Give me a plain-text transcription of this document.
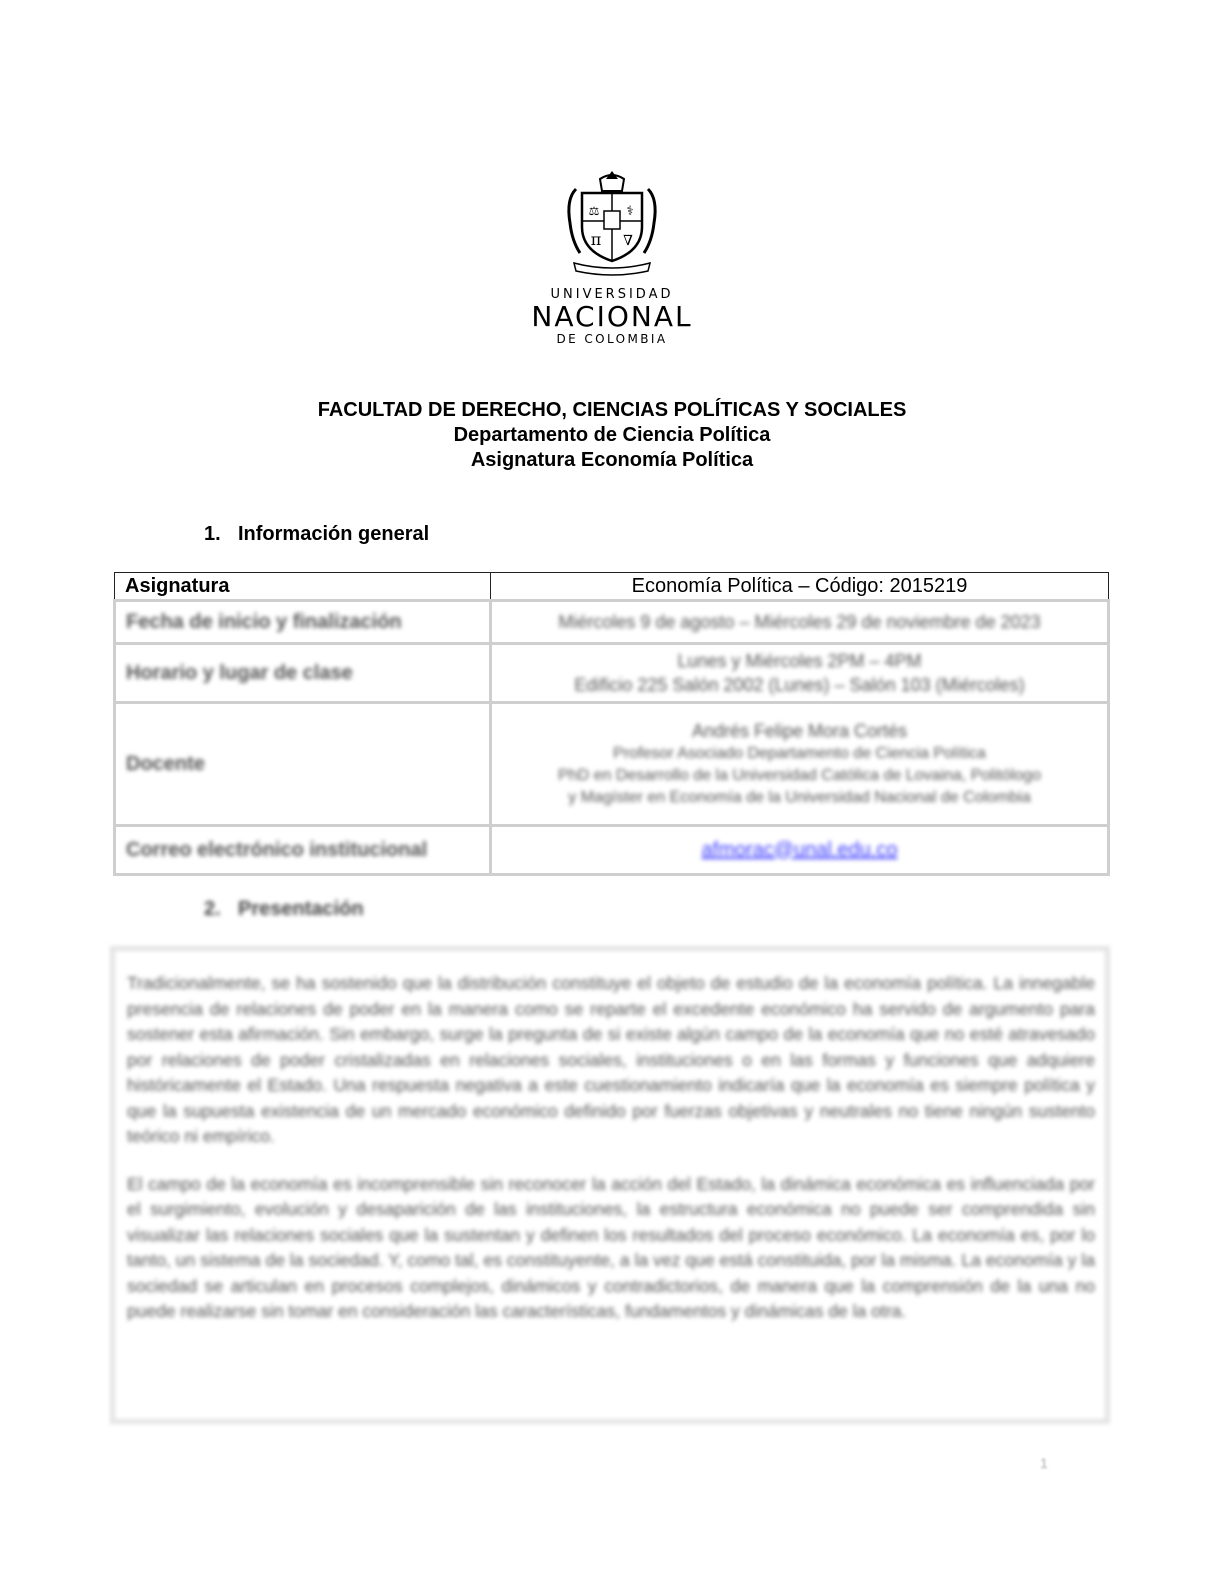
⚖ ⚕
π ∇
UNIVERSIDAD
NACIONAL
DE COLOMBIA
FACULTAD DE DERECHO, CIENCIAS POLÍTICAS Y SOCIALES
Departamento de Ciencia Política
Asignatura Economía Política
1. Información general
Asignatura	Economía Política – Código: 2015219
Fecha de inicio y finalización	Miércoles 9 de agosto – Miércoles 29 de noviembre de 2023
Horario y lugar de clase	Lunes y Miércoles 2PM – 4PM
Edificio 225 Salón 2002 (Lunes) – Salón 103 (Miércoles)

Docente	Andrés Felipe Mora Cortés
Profesor Asociado Departamento de Ciencia Política
PhD en Desarrollo de la Universidad Católica de Lovaina, Politólogo
y Magíster en Economía de la Universidad Nacional de Colombia

Correo electrónico institucional	afmorac@unal.edu.co
2. Presentación

Tradicionalmente, se ha sostenido que la distribución constituye el objeto de estudio de la economía política. La innegable presencia de relaciones de poder en la manera como se reparte el excedente económico ha servido de argumento para sostener esta afirmación. Sin embargo, surge la pregunta de si existe algún campo de la economía que no esté atravesado por relaciones de poder cristalizadas en relaciones sociales, instituciones o en las formas y funciones que adquiere históricamente el Estado. Una respuesta negativa a este cuestionamiento indicaría que la economía es siempre política y que la supuesta existencia de un mercado económico definido por fuerzas objetivas y neutrales no tiene ningún sustento teórico ni empírico.

El campo de la economía es incomprensible sin reconocer la acción del Estado, la dinámica económica es influenciada por el surgimiento, evolución y desaparición de las instituciones, la estructura económica no puede ser comprendida sin visualizar las relaciones sociales que la sustentan y definen los resultados del proceso económico. La economía es, por lo tanto, un sistema de la sociedad. Y, como tal, es constituyente, a la vez que está constituida, por la misma. La economía y la sociedad se articulan en procesos complejos, dinámicos y contradictorios, de manera que la comprensión de la una no puede realizarse sin tomar en consideración las características, fundamentos y dinámicas de la otra.

1
